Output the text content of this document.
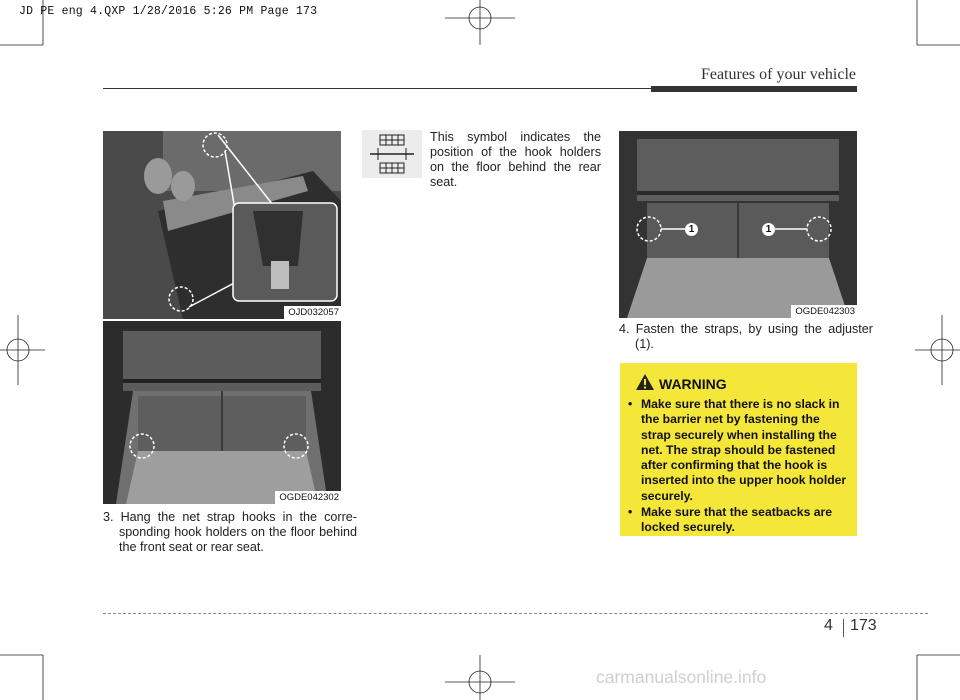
JD PE eng 4.QXP 1/28/2016 5:26 PM Page 173
Features of your vehicle
OJD032057
OGDE042302
3. Hang the net strap hooks in the corre-sponding hook holders on the floor behind the front seat or rear seat.
This symbol indicates the position of the hook holders on the floor behind the rear seat.
1	1
OGDE042303
4. Fasten the straps, by using the adjuster (1).
WARNING
• Make sure that there is no slack in the barrier net by fastening the strap securely when installing the net. The strap should be fastened after confirming that the hook is inserted into the upper hook holder securely.
• Make sure that the seatbacks are locked securely.
4 173
carmanualsonline.info
